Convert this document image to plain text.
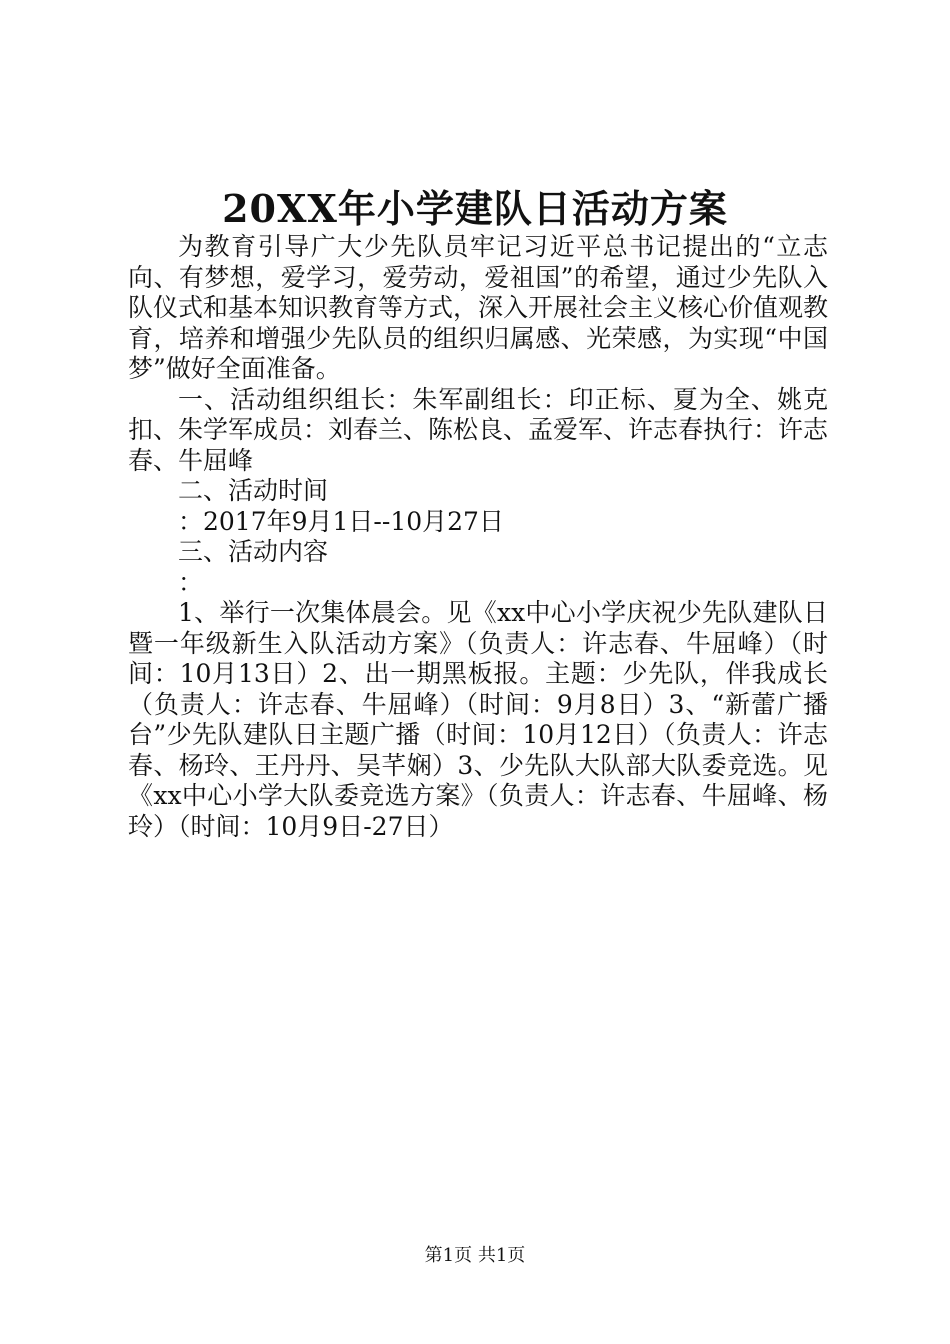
20XX年小学建队日活动方案

为教育引导广大少先队员牢记习近平总书记提出的“立志向、有梦想，爱学习，爱劳动，爱祖国”的希望，通过少先队入队仪式和基本知识教育等方式，深入开展社会主义核心价值观教育，培养和增强少先队员的组织归属感、光荣感，为实现“中国梦”做好全面准备。

一、活动组织组长：朱军副组长：印正标、夏为全、姚克扣、朱学军成员：刘春兰、陈松良、孟爱军、许志春执行：许志春、牛屈峰

二、活动时间

：2017年9月1日--10月27日

三、活动内容

：

1、举行一次集体晨会。见《xx中心小学庆祝少先队建队日暨一年级新生入队活动方案》（负责人：许志春、牛屈峰）（时间：10月13日）2、出一期黑板报。主题：少先队，伴我成长（负责人：许志春、牛屈峰）（时间：9月8日）3、“新蕾广播台”少先队建队日主题广播（时间：10月12日）（负责人：许志春、杨玲、王丹丹、吴芊娴）3、少先队大队部大队委竞选。见《xx中心小学大队委竞选方案》（负责人：许志春、牛屈峰、杨玲）（时间：10月9日-27日）

第1页 共1页
